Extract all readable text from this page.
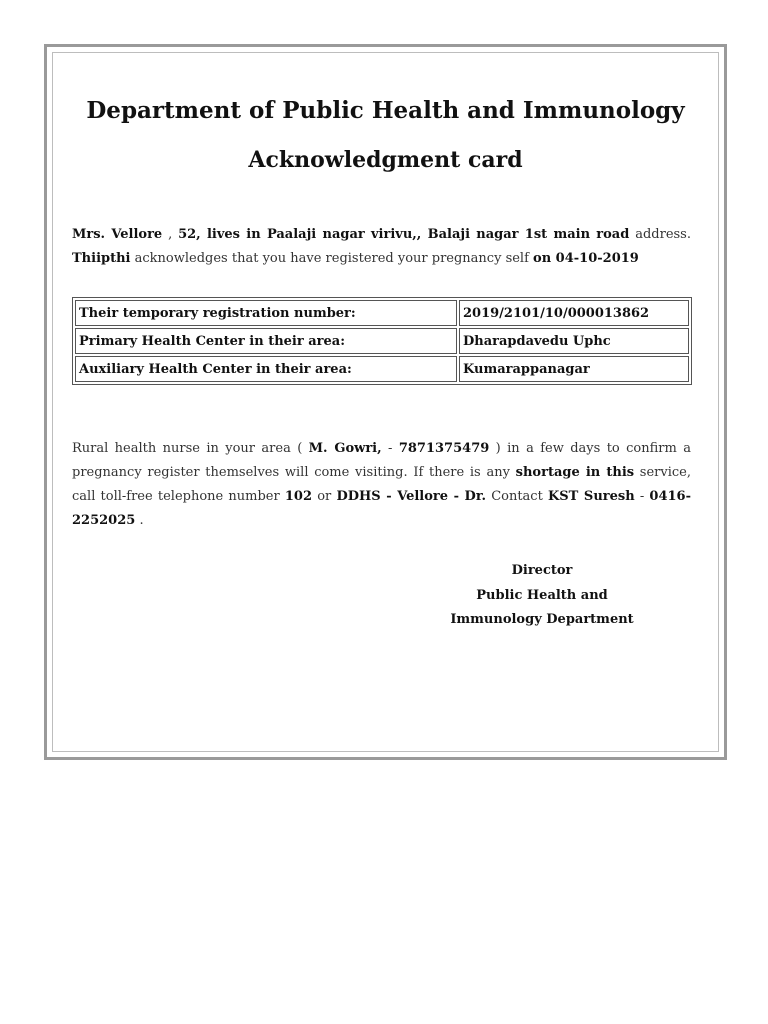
Department of Public Health and Immunology
Acknowledgment card

Mrs. Vellore , 52, lives in Paalaji nagar virivu,, Balaji nagar 1st main road address. Thiipthi acknowledges that you have registered your pregnancy self on 04-10-2019

Their temporary registration number:	2019/2101/10/000013862
Primary Health Center in their area:	Dharapdavedu Uphc
Auxiliary Health Center in their area:	Kumarappanagar

Rural health nurse in your area ( M. Gowri, - 7871375479 ) in a few days to confirm a pregnancy register themselves will come visiting. If there is any shortage in this service, call toll-free telephone number 102 or DDHS - Vellore - Dr. Contact KST Suresh - 0416-2252025 .

Director
Public Health and
Immunology Department
